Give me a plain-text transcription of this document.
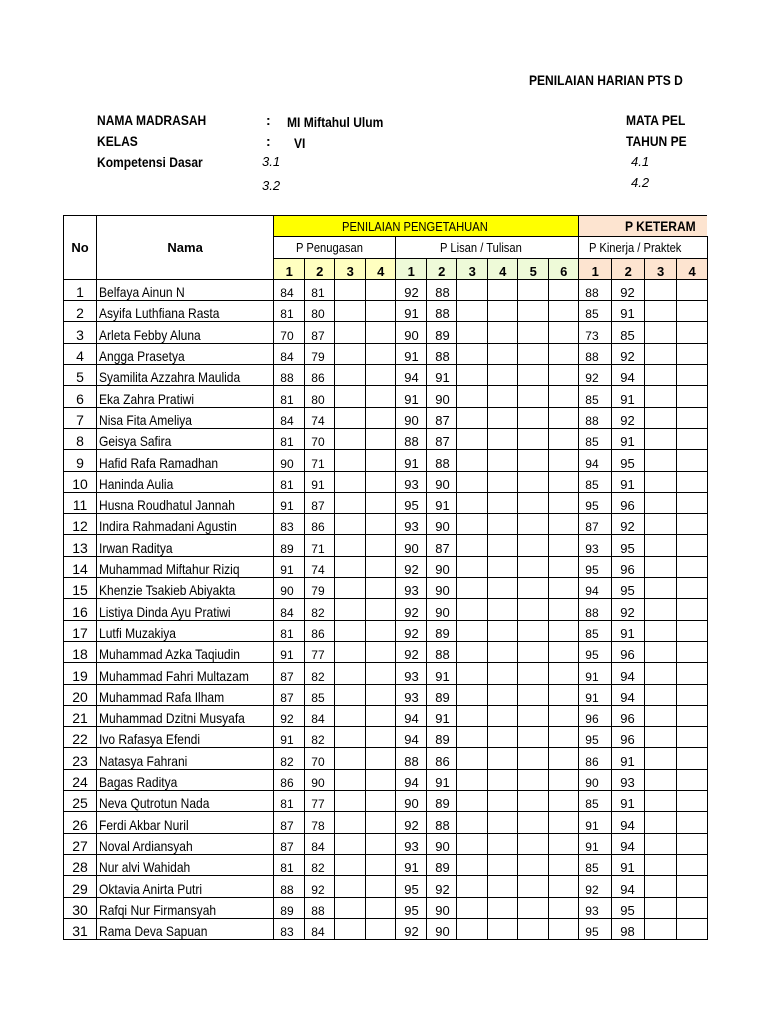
PENILAIAN HARIAN PTS D
NAMA MADRASAH	: MI Miftahul Ulum
KELAS	: VI
Kompetensi Dasar	3.1
3.2
MATA PEL
TAHUN PE
4.1
4.2
No	Nama	PENILAIAN PENGETAHUAN										P KETERAM			
		P Penugasan				P Lisan / Tulisan						P Kinerja / Praktek			
		1	2	3	4	1	2	3	4	5	6	1	2	3	4
1	Belfaya Ainun N	84	81			92	88					88	92		
2	Asyifa Luthfiana Rasta	81	80			91	88					85	91		
3	Arleta Febby Aluna	70	87			90	89					73	85		
4	Angga Prasetya	84	79			91	88					88	92		
5	Syamilita Azzahra Maulida	88	86			94	91					92	94		
6	Eka Zahra Pratiwi	81	80			91	90					85	91		
7	Nisa Fita Ameliya	84	74			90	87					88	92		
8	Geisya Safira	81	70			88	87					85	91		
9	Hafid Rafa Ramadhan	90	71			91	88					94	95		
10	Haninda Aulia	81	91			93	90					85	91		
11	Husna Roudhatul Jannah	91	87			95	91					95	96		
12	Indira Rahmadani Agustin	83	86			93	90					87	92		
13	Irwan Raditya	89	71			90	87					93	95		
14	Muhammad Miftahur Riziq	91	74			92	90					95	96		
15	Khenzie Tsakieb Abiyakta	90	79			93	90					94	95		
16	Listiya Dinda Ayu Pratiwi	84	82			92	90					88	92		
17	Lutfi Muzakiya	81	86			92	89					85	91		
18	Muhammad Azka Taqiudin	91	77			92	88					95	96		
19	Muhammad Fahri Multazam	87	82			93	91					91	94		
20	Muhammad Rafa Ilham	87	85			93	89					91	94		
21	Muhammad Dzitni Musyafa	92	84			94	91					96	96		
22	Ivo Rafasya Efendi	91	82			94	89					95	96		
23	Natasya Fahrani	82	70			88	86					86	91		
24	Bagas Raditya	86	90			94	91					90	93		
25	Neva Qutrotun Nada	81	77			90	89					85	91		
26	Ferdi Akbar Nuril	87	78			92	88					91	94		
27	Noval Ardiansyah	87	84			93	90					91	94		
28	Nur alvi Wahidah	81	82			91	89					85	91		
29	Oktavia Anirta Putri	88	92			95	92					92	94		
30	Rafqi Nur Firmansyah	89	88			95	90					93	95		
31	Rama Deva Sapuan	83	84			92	90					95	98		
